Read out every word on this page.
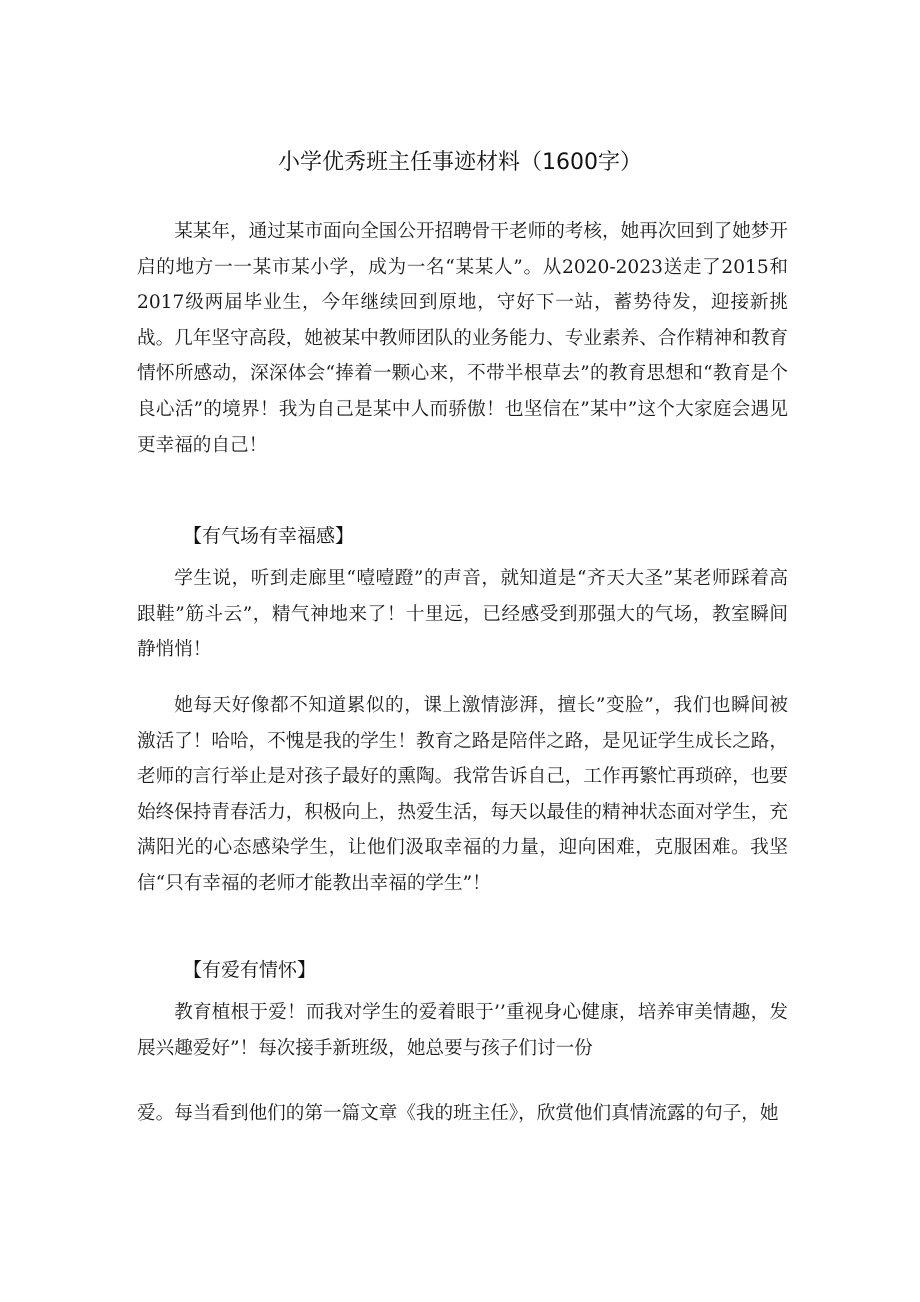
小学优秀班主任事迹材料（1600字）

某某年，通过某市面向全国公开招聘骨干老师的考核，她再次回到了她梦开启的地方一一某市某小学，成为一名“某某人”。从2020-2023送走了2015和2017级两届毕业生，今年继续回到原地，守好下一站，蓄势待发，迎接新挑战。几年坚守高段，她被某中教师团队的业务能力、专业素养、合作精神和教育情怀所感动，深深体会“捧着一颗心来，不带半根草去”的教育思想和“教育是个良心活”的境界！我为自己是某中人而骄傲！也坚信在”某中”这个大家庭会遇见更幸福的自己！

【有气场有幸福感】

学生说，听到走廊里“噎噎蹬”的声音，就知道是“齐天大圣”某老师踩着高跟鞋”筋斗云”，精气神地来了！十里远，已经感受到那强大的气场，教室瞬间静悄悄！

她每天好像都不知道累似的，课上激情澎湃，擅长”变脸”，我们也瞬间被激活了！哈哈，不愧是我的学生！教育之路是陪伴之路，是见证学生成长之路，老师的言行举止是对孩子最好的熏陶。我常告诉自己，工作再繁忙再琐碎，也要始终保持青春活力，积极向上，热爱生活，每天以最佳的精神状态面对学生，充满阳光的心态感染学生，让他们汲取幸福的力量，迎向困难，克服困难。我坚信“只有幸福的老师才能教出幸福的学生”！

【有爱有情怀】

教育植根于爱！而我对学生的爱着眼于’’重视身心健康，培养审美情趣，发展兴趣爱好”！每次接手新班级，她总要与孩子们讨一份

爱。每当看到他们的第一篇文章《我的班主任》，欣赏他们真情流露的句子，她
